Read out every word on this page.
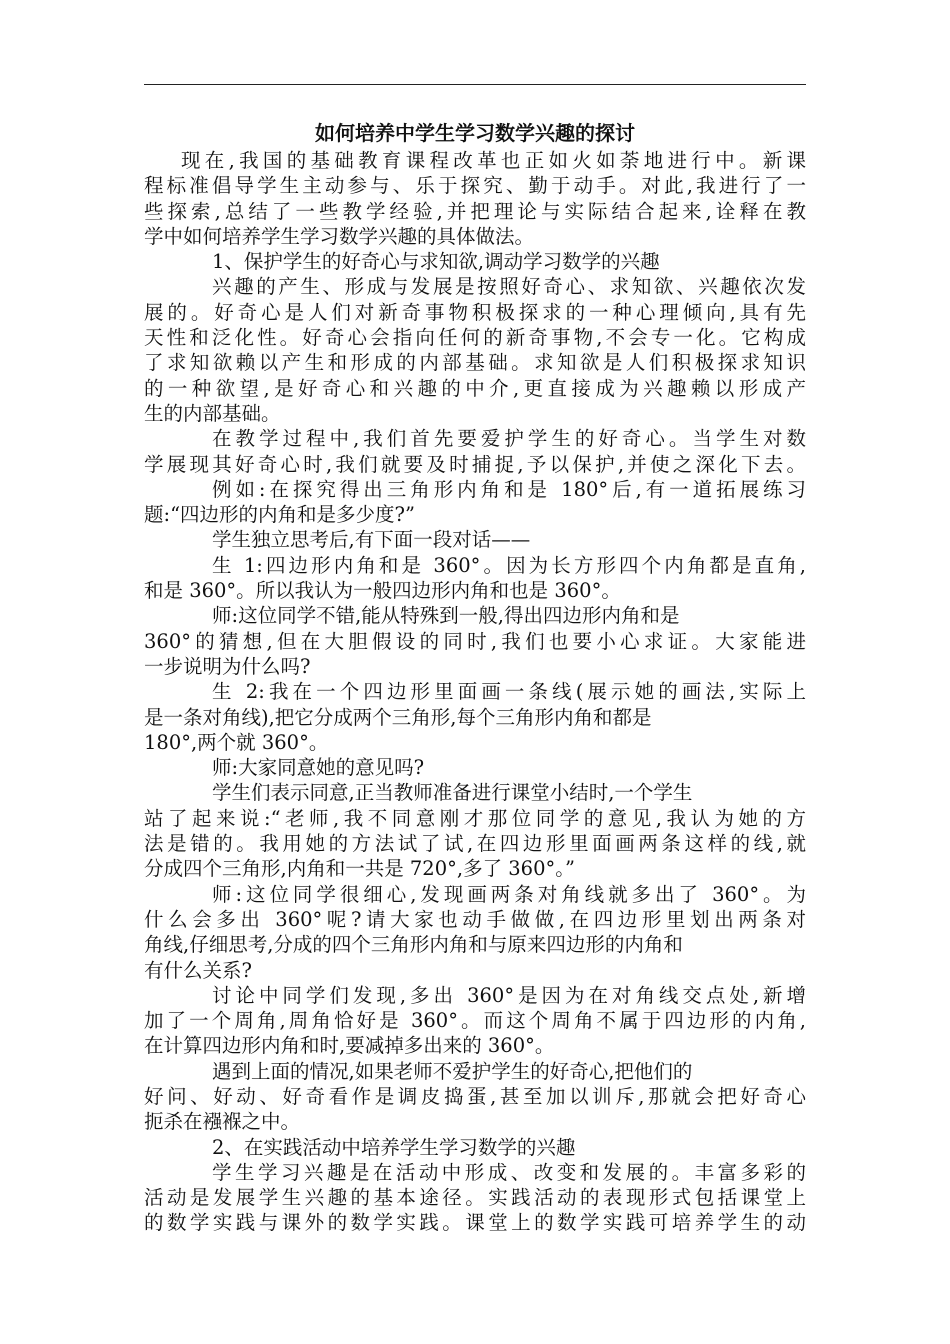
如何培养中学生学习数学兴趣的探讨
现在,我国的基础教育课程改革也正如火如荼地进行中。新课
程标准倡导学生主动参与、乐于探究、勤于动手。对此,我进行了一
些探索,总结了一些教学经验,并把理论与实际结合起来,诠释在教
学中如何培养学生学习数学兴趣的具体做法。
1、保护学生的好奇心与求知欲,调动学习数学的兴趣
兴趣的产生、形成与发展是按照好奇心、求知欲、兴趣依次发
展的。好奇心是人们对新奇事物积极探求的一种心理倾向,具有先
天性和泛化性。好奇心会指向任何的新奇事物,不会专一化。它构成
了求知欲赖以产生和形成的内部基础。求知欲是人们积极探求知识
的一种欲望,是好奇心和兴趣的中介,更直接成为兴趣赖以形成产
生的内部基础。
在教学过程中,我们首先要爱护学生的好奇心。当学生对数
学展现其好奇心时,我们就要及时捕捉,予以保护,并使之深化下去。
例如:在探究得出三角形内角和是 180°后,有一道拓展练习
题:“四边形的内角和是多少度?”
学生独立思考后,有下面一段对话——
生 1:四边形内角和是 360°。因为长方形四个内角都是直角,
和是 360°。所以我认为一般四边形内角和也是 360°。
师:这位同学不错,能从特殊到一般,得出四边形内角和是
360°的猜想,但在大胆假设的同时,我们也要小心求证。大家能进
一步说明为什么吗?
生 2:我在一个四边形里面画一条线(展示她的画法,实际上
是一条对角线),把它分成两个三角形,每个三角形内角和都是
180°,两个就 360°。
师:大家同意她的意见吗?
学生们表示同意,正当教师准备进行课堂小结时,一个学生
站了起来说:“老师,我不同意刚才那位同学的意见,我认为她的方
法是错的。我用她的方法试了试,在四边形里面画两条这样的线,就
分成四个三角形,内角和一共是 720°,多了 360°。”
师:这位同学很细心,发现画两条对角线就多出了 360°。为
什么会多出 360°呢?请大家也动手做做,在四边形里划出两条对
角线,仔细思考,分成的四个三角形内角和与原来四边形的内角和
有什么关系?
讨论中同学们发现,多出 360°是因为在对角线交点处,新增
加了一个周角,周角恰好是 360°。而这个周角不属于四边形的内角,
在计算四边形内角和时,要减掉多出来的 360°。
遇到上面的情况,如果老师不爱护学生的好奇心,把他们的
好问、好动、好奇看作是调皮捣蛋,甚至加以训斥,那就会把好奇心
扼杀在襁褓之中。
2、在实践活动中培养学生学习数学的兴趣
学生学习兴趣是在活动中形成、改变和发展的。丰富多彩的
活动是发展学生兴趣的基本途径。实践活动的表现形式包括课堂上
的数学实践与课外的数学实践。课堂上的数学实践可培养学生的动
